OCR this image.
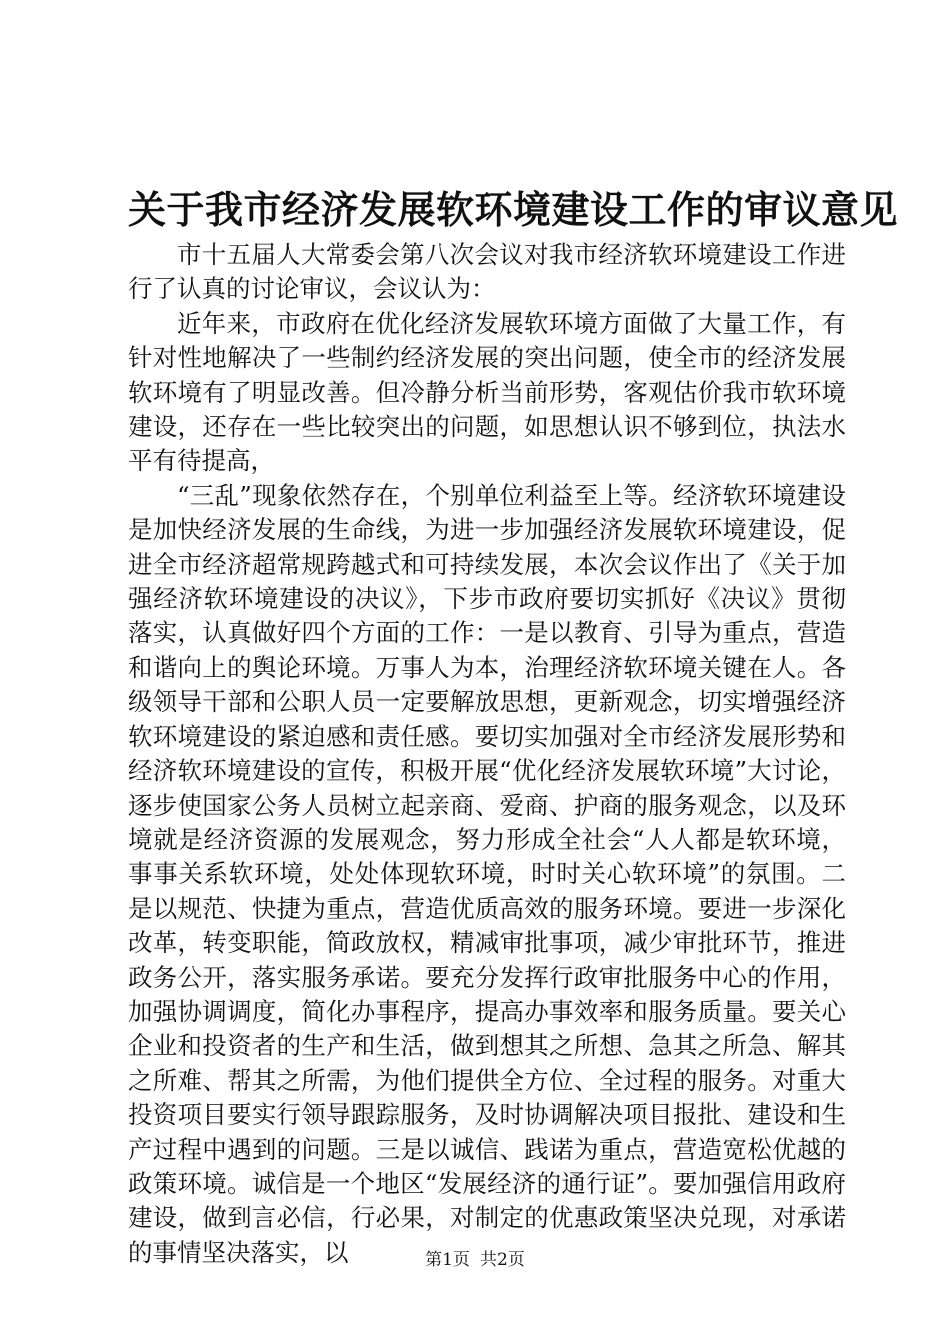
关于我市经济发展软环境建设工作的审议意见

市十五届人大常委会第八次会议对我市经济软环境建设工作进行了认真的讨论审议，会议认为：

近年来，市政府在优化经济发展软环境方面做了大量工作，有针对性地解决了一些制约经济发展的突出问题，使全市的经济发展软环境有了明显改善。但冷静分析当前形势，客观估价我市软环境建设，还存在一些比较突出的问题，如思想认识不够到位，执法水平有待提高，

“三乱”现象依然存在，个别单位利益至上等。经济软环境建设是加快经济发展的生命线，为进一步加强经济发展软环境建设，促进全市经济超常规跨越式和可持续发展，本次会议作出了《关于加强经济软环境建设的决议》，下步市政府要切实抓好《决议》贯彻落实，认真做好四个方面的工作：一是以教育、引导为重点，营造和谐向上的舆论环境。万事人为本，治理经济软环境关键在人。各级领导干部和公职人员一定要解放思想，更新观念，切实增强经济软环境建设的紧迫感和责任感。要切实加强对全市经济发展形势和经济软环境建设的宣传，积极开展“优化经济发展软环境”大讨论，逐步使国家公务人员树立起亲商、爱商、护商的服务观念，以及环境就是经济资源的发展观念，努力形成全社会“人人都是软环境，事事关系软环境，处处体现软环境，时时关心软环境”的氛围。二是以规范、快捷为重点，营造优质高效的服务环境。要进一步深化改革，转变职能，简政放权，精减审批事项，减少审批环节，推进政务公开，落实服务承诺。要充分发挥行政审批服务中心的作用，加强协调调度，简化办事程序，提高办事效率和服务质量。要关心企业和投资者的生产和生活，做到想其之所想、急其之所急、解其之所难、帮其之所需，为他们提供全方位、全过程的服务。对重大投资项目要实行领导跟踪服务，及时协调解决项目报批、建设和生产过程中遇到的问题。三是以诚信、践诺为重点，营造宽松优越的政策环境。诚信是一个地区“发展经济的通行证”。要加强信用政府建设，做到言必信，行必果，对制定的优惠政策坚决兑现，对承诺的事情坚决落实，以	第1页 共2页
